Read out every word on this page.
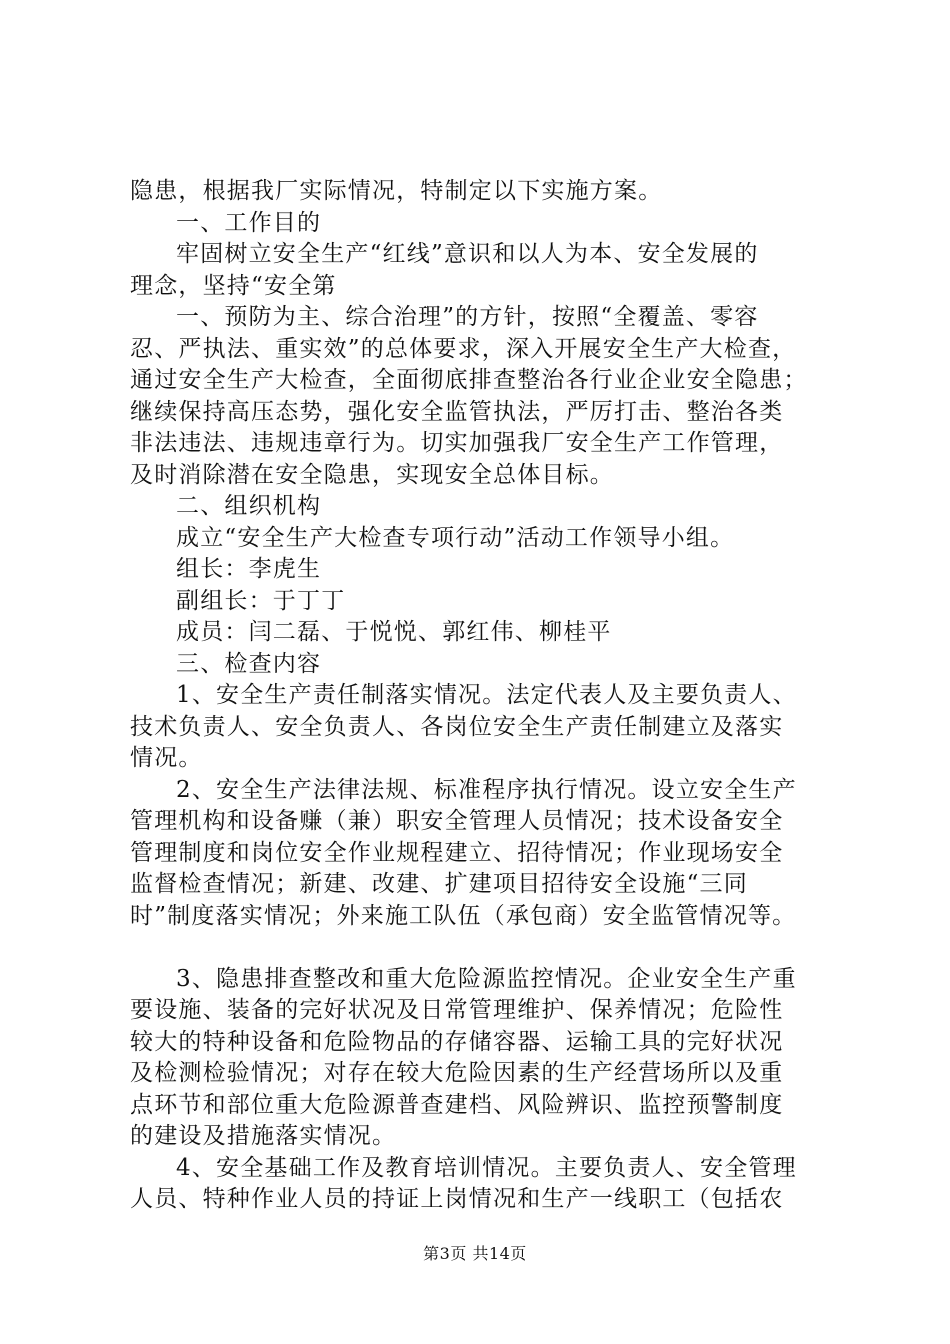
隐患，根据我厂实际情况，特制定以下实施方案。
一、工作目的
牢固树立安全生产“红线”意识和以人为本、安全发展的
理念，坚持“安全第
一、预防为主、综合治理”的方针，按照“全覆盖、零容
忍、严执法、重实效”的总体要求，深入开展安全生产大检查，
通过安全生产大检查，全面彻底排查整治各行业企业安全隐患；
继续保持高压态势，强化安全监管执法，严厉打击、整治各类
非法违法、违规违章行为。切实加强我厂安全生产工作管理，
及时消除潜在安全隐患，实现安全总体目标。
二、组织机构
成立“安全生产大检查专项行动”活动工作领导小组。
组长：李虎生
副组长：于丁丁
成员：闫二磊、于悦悦、郭红伟、柳桂平
三、检查内容
1、安全生产责任制落实情况。法定代表人及主要负责人、
技术负责人、安全负责人、各岗位安全生产责任制建立及落实
情况。
2、安全生产法律法规、标准程序执行情况。设立安全生产
管理机构和设备赚（兼）职安全管理人员情况；技术设备安全
管理制度和岗位安全作业规程建立、招待情况；作业现场安全
监督检查情况；新建、改建、扩建项目招待安全设施“三同
时”制度落实情况；外来施工队伍（承包商）安全监管情况等。
3、隐患排查整改和重大危险源监控情况。企业安全生产重
要设施、装备的完好状况及日常管理维护、保养情况；危险性
较大的特种设备和危险物品的存储容器、运输工具的完好状况
及检测检验情况；对存在较大危险因素的生产经营场所以及重
点环节和部位重大危险源普查建档、风险辨识、监控预警制度
的建设及措施落实情况。
4、安全基础工作及教育培训情况。主要负责人、安全管理
人员、特种作业人员的持证上岗情况和生产一线职工（包括农
第3页 共14页
